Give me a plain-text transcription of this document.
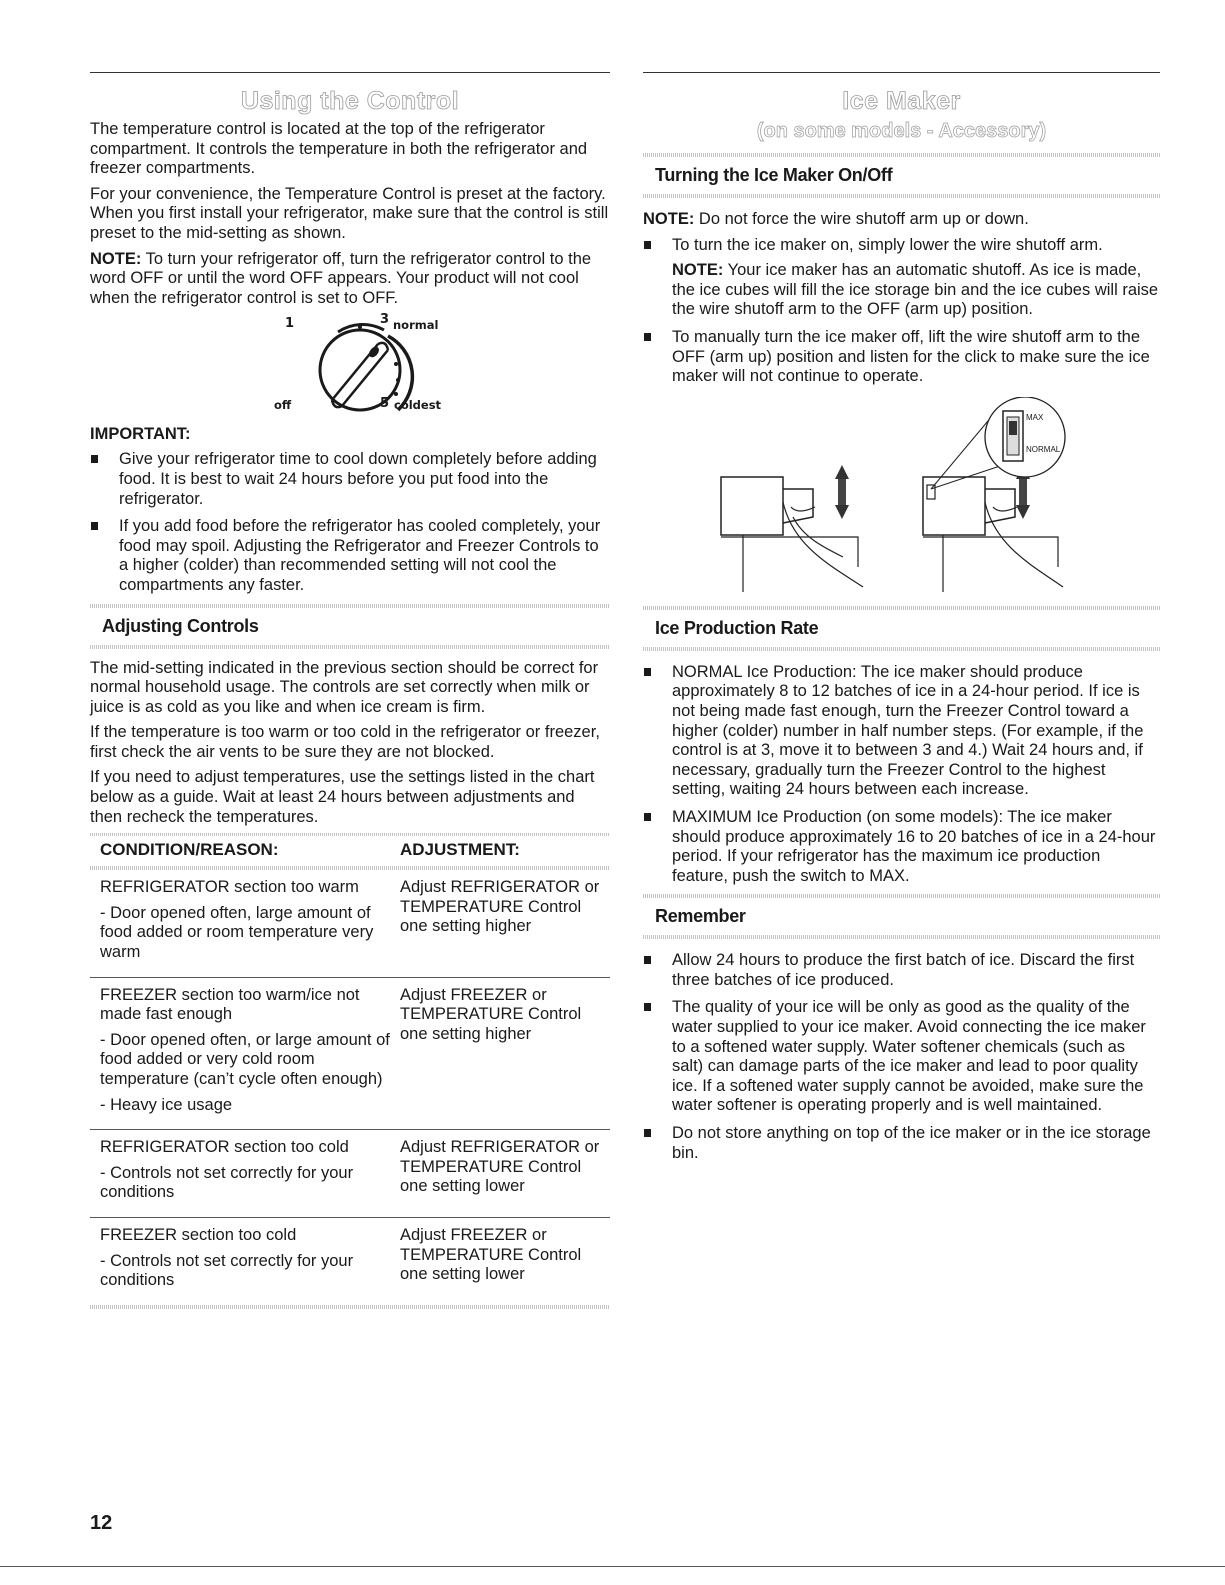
Using the Control

The temperature control is located at the top of the refrigerator compartment. It controls the temperature in both the refrigerator and freezer compartments.

For your convenience, the Temperature Control is preset at the factory. When you first install your refrigerator, make sure that the control is still preset to the mid-setting as shown.

NOTE: To turn your refrigerator off, turn the refrigerator control to the word OFF or until the word OFF appears. Your product will not cool when the refrigerator control is set to OFF.

1	3 normal
off	5 coldest
IMPORTANT:
Give your refrigerator time to cool down completely before adding food. It is best to wait 24 hours before you put food into the refrigerator.
If you add food before the refrigerator has cooled completely, your food may spoil. Adjusting the Refrigerator and Freezer Controls to a higher (colder) than recommended setting will not cool the compartments any faster.
Adjusting Controls

The mid-setting indicated in the previous section should be correct for normal household usage. The controls are set correctly when milk or juice is as cold as you like and when ice cream is firm.

If the temperature is too warm or too cold in the refrigerator or freezer, first check the air vents to be sure they are not blocked.

If you need to adjust temperatures, use the settings listed in the chart below as a guide. Wait at least 24 hours between adjustments and then recheck the temperatures.

CONDITION/REASON:	ADJUSTMENT:

REFRIGERATOR section too warm
- Door opened often, large amount of food added or room temperature very warm	Adjust REFRIGERATOR or TEMPERATURE Control one setting higher

FREEZER section too warm/ice not made fast enough
- Door opened often, or large amount of food added or very cold room temperature (can’t cycle often enough)
- Heavy ice usage	Adjust FREEZER or TEMPERATURE Control one setting higher

REFRIGERATOR section too cold
- Controls not set correctly for your conditions	Adjust REFRIGERATOR or TEMPERATURE Control one setting lower

FREEZER section too cold
- Controls not set correctly for your conditions	Adjust FREEZER or TEMPERATURE Control one setting lower
Ice Maker
(on some models - Accessory)
Turning the Ice Maker On/Off

NOTE: Do not force the wire shutoff arm up or down.

To turn the ice maker on, simply lower the wire shutoff arm.

NOTE: Your ice maker has an automatic shutoff. As ice is made, the ice cubes will fill the ice storage bin and the ice cubes will raise the wire shutoff arm to the OFF (arm up) position.

To manually turn the ice maker off, lift the wire shutoff arm to the OFF (arm up) position and listen for the click to make sure the ice maker will not continue to operate.
MAX
NORMAL
Ice Production Rate
NORMAL Ice Production: The ice maker should produce approximately 8 to 12 batches of ice in a 24-hour period. If ice is not being made fast enough, turn the Freezer Control toward a higher (colder) number in half number steps. (For example, if the control is at 3, move it to between 3 and 4.) Wait 24 hours and, if necessary, gradually turn the Freezer Control to the highest setting, waiting 24 hours between each increase.
MAXIMUM Ice Production (on some models): The ice maker should produce approximately 16 to 20 batches of ice in a 24-hour period. If your refrigerator has the maximum ice production feature, push the switch to MAX.
Remember
Allow 24 hours to produce the first batch of ice. Discard the first three batches of ice produced.
The quality of your ice will be only as good as the quality of the water supplied to your ice maker. Avoid connecting the ice maker to a softened water supply. Water softener chemicals (such as salt) can damage parts of the ice maker and lead to poor quality ice. If a softened water supply cannot be avoided, make sure the water softener is operating properly and is well maintained.
Do not store anything on top of the ice maker or in the ice storage bin.
12
